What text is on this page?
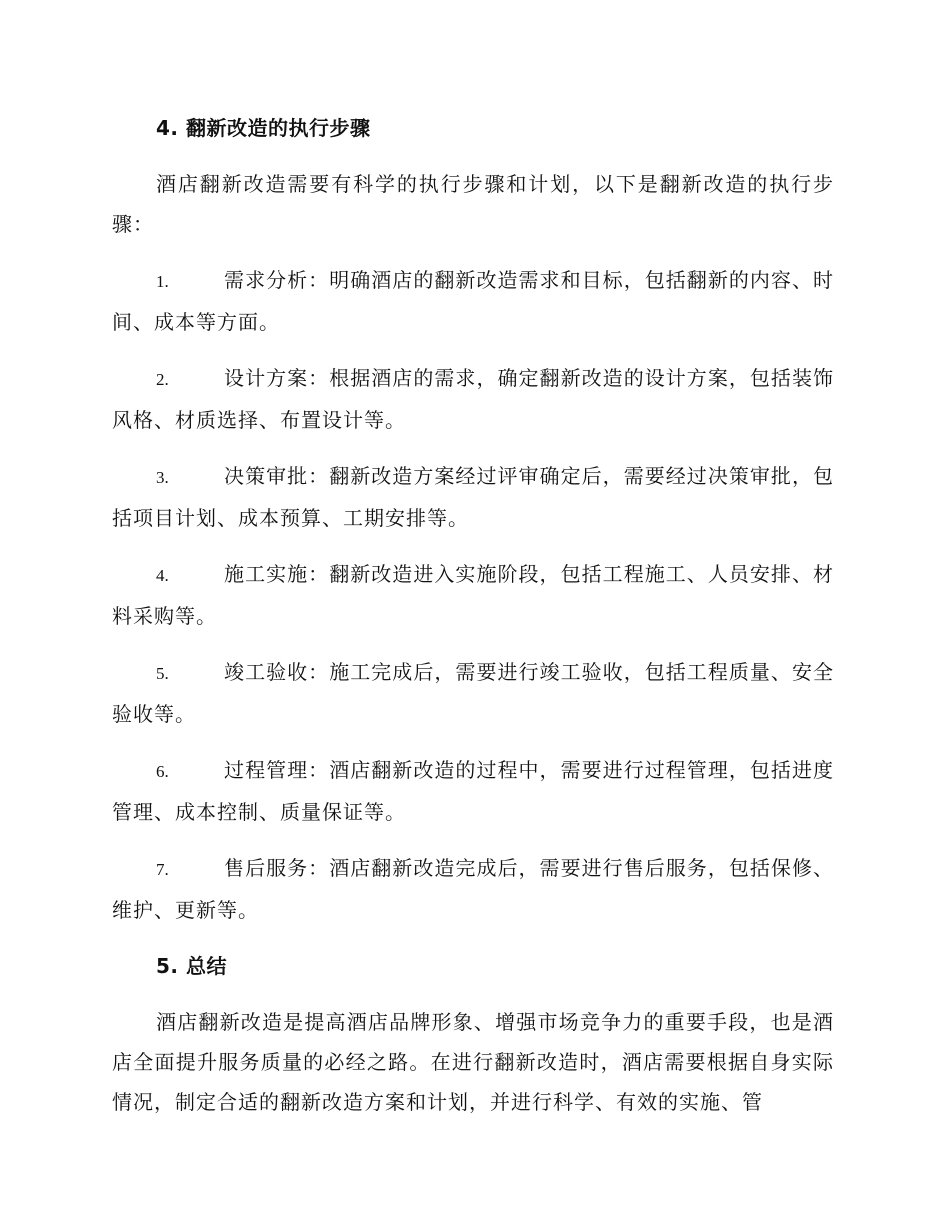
4. 翻新改造的执行步骤

酒店翻新改造需要有科学的执行步骤和计划，以下是翻新改造的执行步骤：

1.	需求分析：明确酒店的翻新改造需求和目标，包括翻新的内容、时间、成本等方面。
2.	设计方案：根据酒店的需求，确定翻新改造的设计方案，包括装饰风格、材质选择、布置设计等。
3.	决策审批：翻新改造方案经过评审确定后，需要经过决策审批，包括项目计划、成本预算、工期安排等。
4.	施工实施：翻新改造进入实施阶段，包括工程施工、人员安排、材料采购等。
5.	竣工验收：施工完成后，需要进行竣工验收，包括工程质量、安全验收等。
6.	过程管理：酒店翻新改造的过程中，需要进行过程管理，包括进度管理、成本控制、质量保证等。
7.	售后服务：酒店翻新改造完成后，需要进行售后服务，包括保修、维护、更新等。
5. 总结

酒店翻新改造是提高酒店品牌形象、增强市场竞争力的重要手段，也是酒店全面提升服务质量的必经之路。在进行翻新改造时，酒店需要根据自身实际情况，制定合适的翻新改造方案和计划，并进行科学、有效的实施、管
